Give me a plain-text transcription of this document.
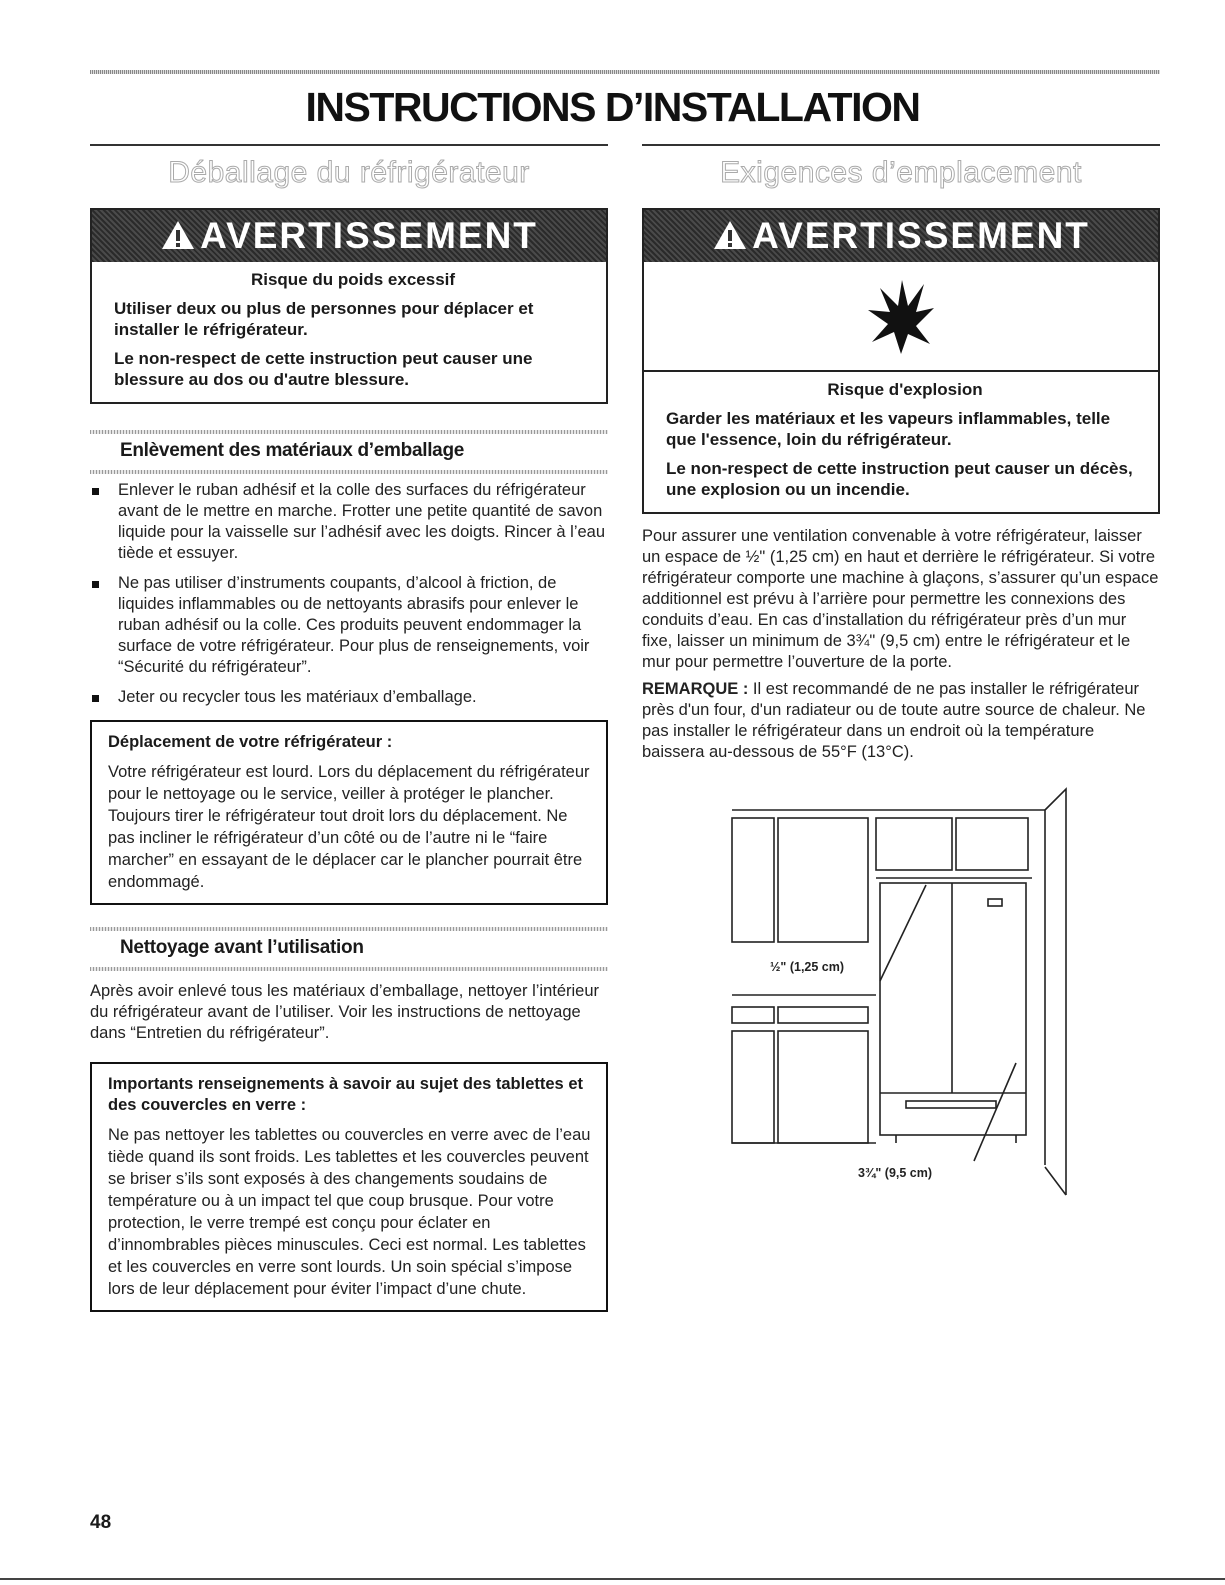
INSTRUCTIONS D’INSTALLATION
Déballage du réfrigérateur
AVERTISSEMENT

Risque du poids excessif

Utiliser deux ou plus de personnes pour déplacer et installer le réfrigérateur.

Le non-respect de cette instruction peut causer une blessure au dos ou d'autre blessure.

Enlèvement des matériaux d’emballage
Enlever le ruban adhésif et la colle des surfaces du réfrigérateur avant de le mettre en marche. Frotter une petite quantité de savon liquide pour la vaisselle sur l’adhésif avec les doigts. Rincer à l’eau tiède et essuyer.
Ne pas utiliser d’instruments coupants, d’alcool à friction, de liquides inflammables ou de nettoyants abrasifs pour enlever le ruban adhésif ou la colle. Ces produits peuvent endommager la surface de votre réfrigérateur. Pour plus de renseignements, voir “Sécurité du réfrigérateur”.
Jeter ou recycler tous les matériaux d’emballage.
Déplacement de votre réfrigérateur :
Votre réfrigérateur est lourd. Lors du déplacement du réfrigérateur pour le nettoyage ou le service, veiller à protéger le plancher. Toujours tirer le réfrigérateur tout droit lors du déplacement. Ne pas incliner le réfrigérateur d’un côté ou de l’autre ni le “faire marcher” en essayant de le déplacer car le plancher pourrait être endommagé.
Nettoyage avant l’utilisation

Après avoir enlevé tous les matériaux d’emballage, nettoyer l’intérieur du réfrigérateur avant de l’utiliser. Voir les instructions de nettoyage dans “Entretien du réfrigérateur”.

Importants renseignements à savoir au sujet des tablettes et des couvercles en verre :
Ne pas nettoyer les tablettes ou couvercles en verre avec de l’eau tiède quand ils sont froids. Les tablettes et les couvercles peuvent se briser s’ils sont exposés à des changements soudains de température ou à un impact tel que coup brusque. Pour votre protection, le verre trempé est conçu pour éclater en d’innombrables pièces minuscules. Ceci est normal. Les tablettes et les couvercles en verre sont lourds. Un soin spécial s’impose lors de leur déplacement pour éviter l’impact d’une chute.
Exigences d’emplacement
AVERTISSEMENT

Risque d'explosion

Garder les matériaux et les vapeurs inflammables, telle que l'essence, loin du réfrigérateur.

Le non-respect de cette instruction peut causer un décès, une explosion ou un incendie.

Pour assurer une ventilation convenable à votre réfrigérateur, laisser un espace de ½" (1,25 cm) en haut et derrière le réfrigérateur. Si votre réfrigérateur comporte une machine à glaçons, s’assurer qu’un espace additionnel est prévu à l’arrière pour permettre les connexions des conduits d’eau. En cas d’installation du réfrigérateur près d’un mur fixe, laisser un minimum de 3¾" (9,5 cm) entre le réfrigérateur et le mur pour permettre l’ouverture de la porte.

REMARQUE : Il est recommandé de ne pas installer le réfrigérateur près d'un four, d'un radiateur ou de toute autre source de chaleur. Ne pas installer le réfrigérateur dans un endroit où la température baissera au-dessous de 55°F (13°C).

½" (1,25 cm)
3¾" (9,5 cm)
48
